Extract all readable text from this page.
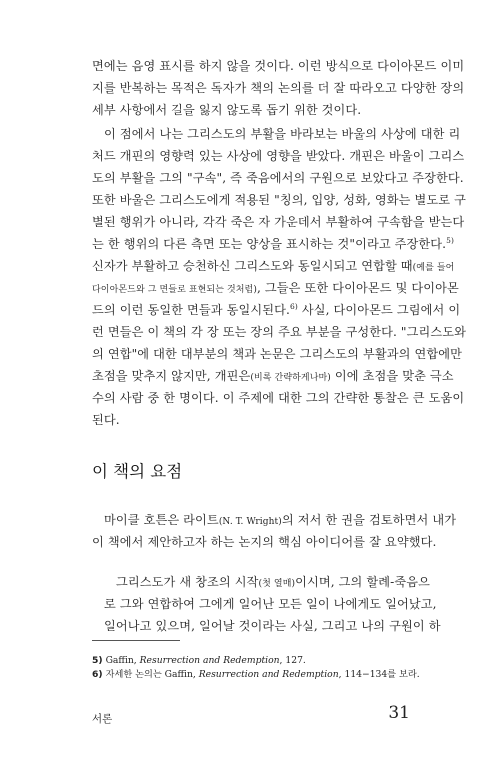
면에는 음영 표시를 하지 않을 것이다. 이런 방식으로 다이아몬드 이미
지를 반복하는 목적은 독자가 책의 논의를 더 잘 따라오고 다양한 장의
세부 사항에서 길을 잃지 않도록 돕기 위한 것이다.
이 점에서 나는 그리스도의 부활을 바라보는 바울의 사상에 대한 리
처드 개핀의 영향력 있는 사상에 영향을 받았다. 개핀은 바울이 그리스
도의 부활을 그의 "구속", 즉 죽음에서의 구원으로 보았다고 주장한다.
또한 바울은 그리스도에게 적용된 "칭의, 입양, 성화, 영화는 별도로 구
별된 행위가 아니라, 각각 죽은 자 가운데서 부활하여 구속함을 받는다
는 한 행위의 다른 측면 또는 양상을 표시하는 것"이라고 주장한다.$^{5)}$
신자가 부활하고 승천하신 그리스도와 동일시되고 연합할 때(예를 들어
다이아몬드와 그 면들로 표현되는 것처럼), 그들은 또한 다이아몬드 및 다이아몬
드의 이런 동일한 면들과 동일시된다.$^{6)}$ 사실, 다이아몬드 그림에서 이
런 면들은 이 책의 각 장 또는 장의 주요 부분을 구성한다. "그리스도와
의 연합"에 대한 대부분의 책과 논문은 그리스도의 부활과의 연합에만
초점을 맞추지 않지만, 개핀은(비록 간략하게나마) 이에 초점을 맞춘 극소
수의 사람 중 한 명이다. 이 주제에 대한 그의 간략한 통찰은 큰 도움이
된다.
이 책의 요점
마이클 호튼은 라이트(N. T. Wright)의 저서 한 권을 검토하면서 내가
이 책에서 제안하고자 하는 논지의 핵심 아이디어를 잘 요약했다.
그리스도가 새 창조의 시작(첫 열매)이시며, 그의 할례-죽음으
로 그와 연합하여 그에게 일어난 모든 일이 나에게도 일어났고,
일어나고 있으며, 일어날 것이라는 사실, 그리고 나의 구원이 하
5) Gaffin, Resurrection and Redemption, 127.
6) 자세한 논의는 Gaffin, Resurrection and Redemption, 114−134를 보라.
서론	31
